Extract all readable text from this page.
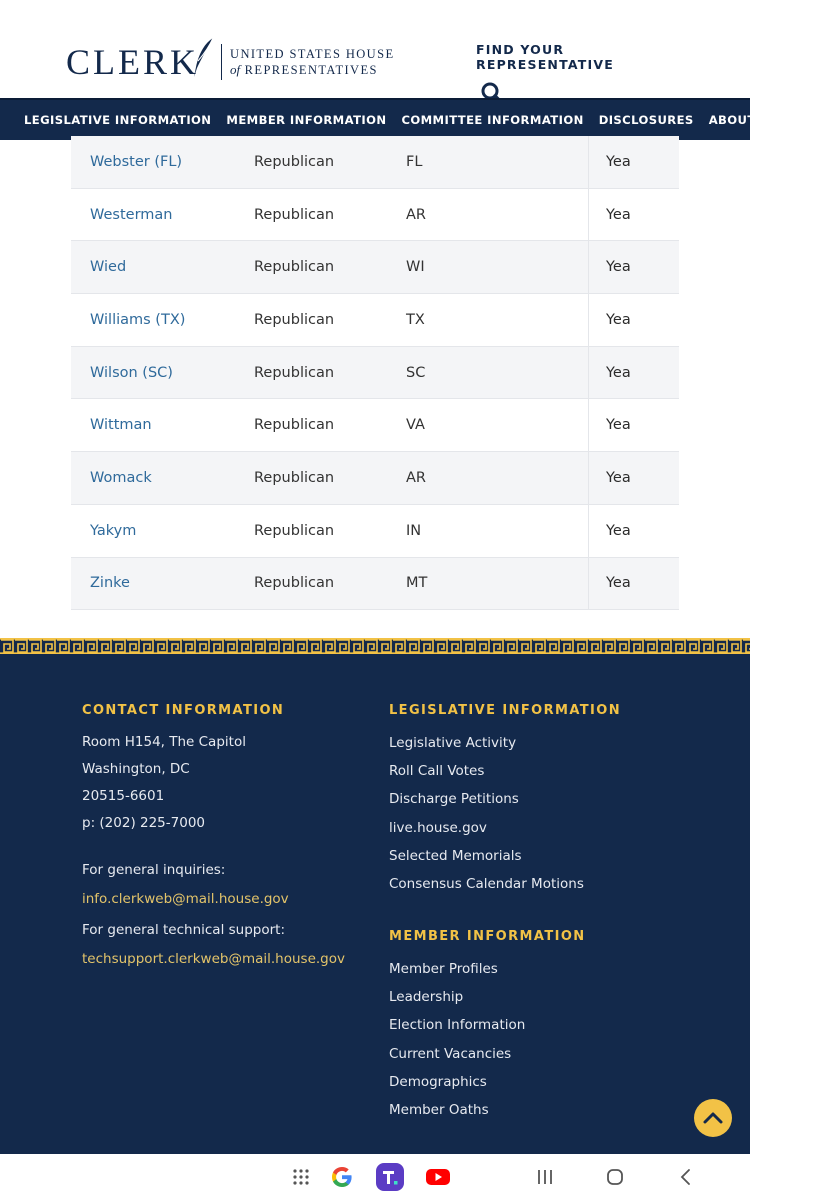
CLERK UNITED STATES HOUSE
of REPRESENTATIVES
FIND YOUR REPRESENTATIVE
LEGISLATIVE INFORMATION MEMBER INFORMATION COMMITTEE INFORMATION DISCLOSURES ABOUT THE CLERK
Webster (FL)	Republican	FL	Yea
Westerman	Republican	AR	Yea
Wied	Republican	WI	Yea
Williams (TX)	Republican	TX	Yea
Wilson (SC)	Republican	SC	Yea
Wittman	Republican	VA	Yea
Womack	Republican	AR	Yea
Yakym	Republican	IN	Yea
Zinke	Republican	MT	Yea
CONTACT INFORMATION
Room H154, The Capitol
Washington, DC
20515-6601
p: (202) 225-7000
For general inquiries:
info.clerkweb@mail.house.gov
For general technical support:
techsupport.clerkweb@mail.house.gov
LEGISLATIVE INFORMATION
Legislative Activity
Roll Call Votes
Discharge Petitions
live.house.gov
Selected Memorials
Consensus Calendar Motions
MEMBER INFORMATION
Member Profiles
Leadership
Election Information
Current Vacancies
Demographics
Member Oaths
